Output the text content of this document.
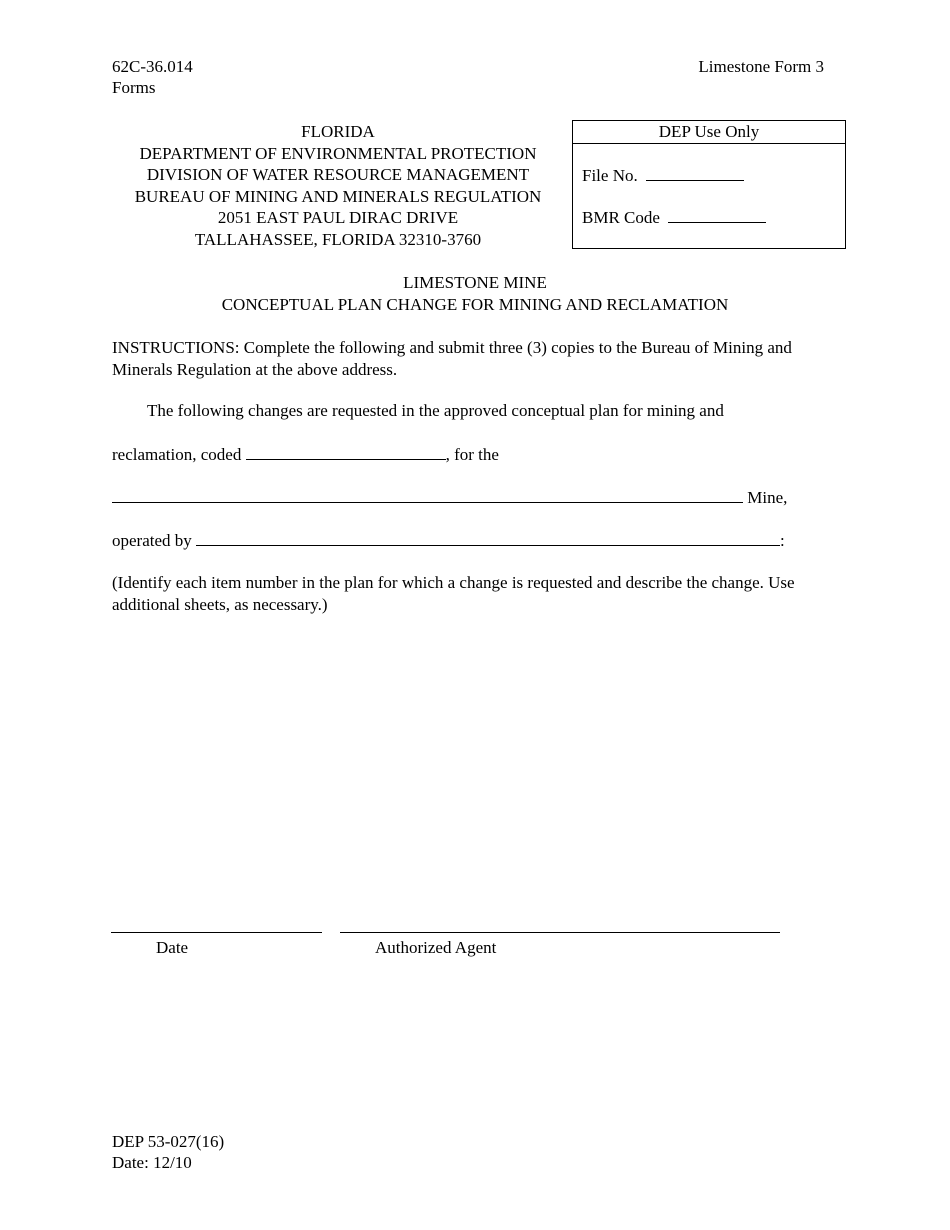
62C-36.014
Forms
Limestone Form 3
FLORIDA
DEPARTMENT OF ENVIRONMENTAL PROTECTION
DIVISION OF WATER RESOURCE MANAGEMENT
BUREAU OF MINING AND MINERALS REGULATION
2051 EAST PAUL DIRAC DRIVE
TALLAHASSEE, FLORIDA 32310-3760
DEP Use Only
File No.
BMR Code
LIMESTONE MINE
CONCEPTUAL PLAN CHANGE FOR MINING AND RECLAMATION
INSTRUCTIONS: Complete the following and submit three (3) copies to the Bureau of Mining and Minerals Regulation at the above address.
The following changes are requested in the approved conceptual plan for mining and
reclamation, coded	, for the
Mine,
operated by	:
(Identify each item number in the plan for which a change is requested and describe the change. Use additional sheets, as necessary.)
Date	Authorized Agent
DEP 53-027(16)
Date: 12/10
